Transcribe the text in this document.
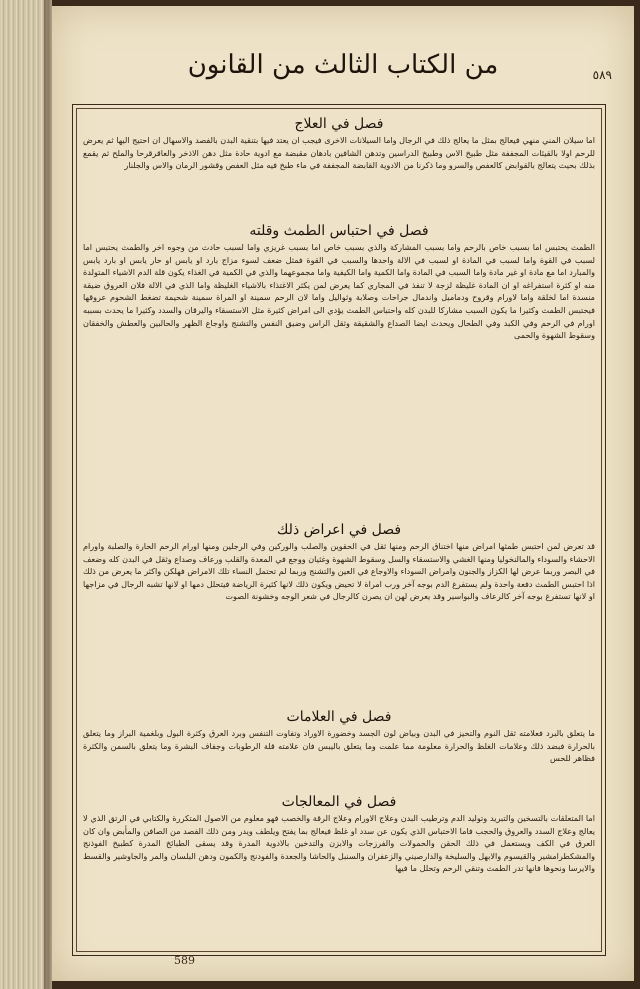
٥٨٩
من الكتاب الثالث من القانون
فصل في العلاج

اما سيلان المني منهي فيعالج بمثل ما يعالج ذلك في الرجال واما السيلانات الاخرى فيجب ان يعتد فيها بتنقية البدن بالفصد والاسهال ان احتيج اليها ثم يعرض للرحم اولا بالقيئات المجففة مثل طبيخ الاس وطبيخ الدراسين وتدهن الشافين بادهان مقبضة مع ادوية حادة مثل دهن الاذخر والعاقرقرحا والملح ثم يقمع بذلك بحيث يتعالج بالقوابض كالعفص والسرو وما ذكرنا من الادوية القابضة المجففة في ماء طبخ فيه مثل العفص وقشور الرمان والاس والجلنار

فصل في احتباس الطمث وقلته

الطمث يحتبس اما بسبب خاص بالرحم واما بسبب المشاركة والذي بسبب خاص اما بسبب غريزي واما لسبب حادث من وجوه اخر والطمث يحتبس اما لسبب في القوة واما لسبب في المادة او لسبب في الالة واحدها والسبب في القوة فمثل ضعف لسوء مزاج بارد او يابس او حار يابس او بارد يابس والمبارد اما مع مادة او غير مادة واما السبب في المادة واما الكمية واما الكيفية واما مجموعهما والذي في الكمية في الغذاء يكون قلة الدم الاشياء المتولدة منه او كثرة استفراغه او ان المادة غليظة لزجة لا تنفذ في المجاري كما يعرض لمن يكثر الاغتذاء بالاشياء الغليظة واما الذي في الالة فلان العروق ضيقة منسدة اما لخلقة واما لاورام وقروح ودماميل واندمال جراحات وصلابة وثواليل واما لان الرحم سمينة او المراة سمينة شحيمة تضغط الشحوم عروقها فيحتبس الطمث وكثيرا ما يكون السبب مشاركا للبدن كله واحتباس الطمث يؤدي الى امراض كثيرة مثل الاستسقاء واليرقان والسدد وكثيرا ما يحدث بسببه اورام في الرحم وفي الكبد وفي الطحال ويحدث ايضا الصداع والشقيقة وثقل الراس وضيق النفس والتشنج واوجاع الظهر والحالبين والعطش والخفقان وسقوط الشهوة والحمى

فصل في اعراض ذلك

قد تعرض لمن احتبس طمثها امراض منها اختناق الرحم ومنها ثقل في الحقوين والصلب والوركين وفي الرجلين ومنها اورام الرحم الحارة والصلبة واورام الاحشاء والسوداء والمالنخوليا ومنها الغشي والاستسقاء والسل وسقوط الشهوة وغثيان ووجع في المعدة والقلب ورعاف وصداع وثقل في البدن كله وضعف في البصر وربما عرض لها الكزاز والجنون وامراض السوداء والاوجاع في العين والتشنج وربما لم تحتمل النساء تلك الامراض فهلكن واكثر ما يعرض من ذلك اذا احتبس الطمث دفعة واحدة ولم يستفرغ الدم بوجه آخر ورب امراة لا تحيض ويكون ذلك لانها كثيرة الرياضة فيتحلل دمها او لانها تشبه الرجال في مزاجها او لانها تستفرغ بوجه آخر كالرعاف والبواسير وقد يعرض لهن ان يصرن كالرجال في شعر الوجه وخشونة الصوت

فصل في العلامات

ما يتعلق بالبرد فعلامته ثقل النوم والتحيز في البدن وبياض لون الجسد وخضورة الاوراد وتفاوت التنفس وبرد العرق وكثرة البول وبلغمية البراز وما يتعلق بالحرارة فبضد ذلك وعلامات الغلظ والحرارة معلومة مما علمت وما يتعلق باليبس فان علامته قلة الرطوبات وجفاف البشرة وما يتعلق بالسمن والكثرة فظاهر للحس

فصل في المعالجات

اما المتعلقات بالتسخين والتبريد وتوليد الدم وترطيب البدن وعلاج الاورام وعلاج الرقة والخصب فهو معلوم من الاصول المتكررة والكتابي في الرتق الذي لا يعالج وعلاج السدد والعروق والحجب فاما الاحتباس الذي يكون عن سدد او غلظ فيعالج بما يفتح ويلطف ويدر ومن ذلك الفصد من الصافن والمأبض وان كان العرق في الكف ويستعمل في ذلك الحقن والحمولات والفرزجات والابزن والتدخين بالادوية المدرة وقد يسقى الطبائخ المدرة كطبيخ الفوذنج والمشكطرامشير والقيسوم والابهل والسليخة والدارصيني والزعفران والسنبل والحاشا والجعدة والفودنج والكمون ودهن البلسان والمر والجاوشير والقسط والايرسا ونحوها فانها تدر الطمث وتنقي الرحم وتحلل ما فيها

589
